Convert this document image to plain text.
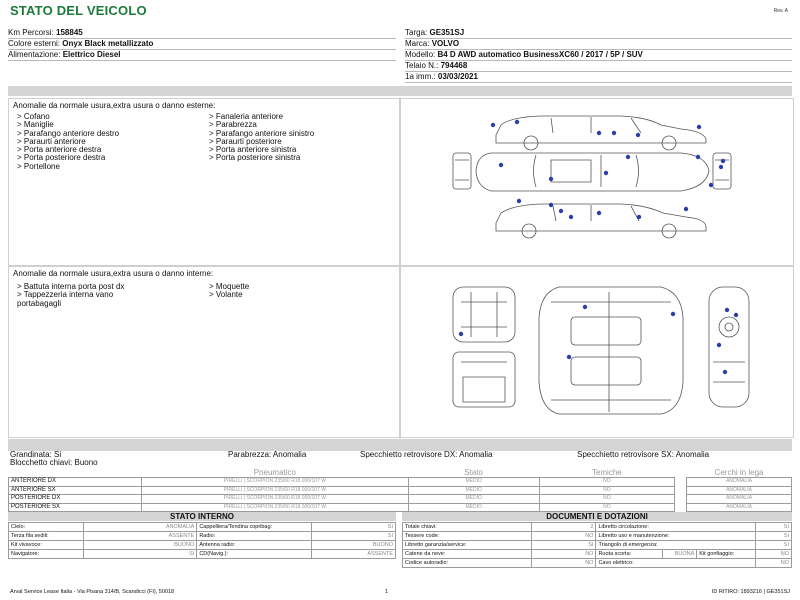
STATO DEL VEICOLO	Rev. A
Km Percorsi: 158845
Colore esterni: Onyx Black metallizzato
Alimentazione: Elettrico Diesel
Targa: GE351SJ
Marca: VOLVO
Modello: B4 D AWD automatico BusinessXC60 / 2017 / 5P / SUV
Telaio N.: 794468
1a imm.: 03/03/2021
Anomalie da normale usura,extra usura o danno esterne:
> Cofano
> Maniglie
> Parafango anteriore destro
> Paraurti anteriore
> Porta anteriore destra
> Porta posteriore destra
> Portellone
> Fanaleria anteriore
> Parabrezza
> Parafango anteriore sinistro
> Paraurti posteriore
> Porta anteriore sinistra
> Porta posteriore sinistra
Anomalie da normale usura,extra usura o danno interne:
> Battuta interna porta post dx
> Tappezzeria interna vano
portabagagli
> Moquette
> Volante
Grandinata: Si	Parabrezza: Anomalia	Specchietto retrovisore DX: Anomalia	Specchietto retrovisore SX: Anomalia
Blocchetto chiavi: Buono
	Pneumatico	Stato	Temiche		Cerchi in lega
ANTERIORE DX	PIRELLI | SCORPION 235/60 R18 000/107 W	MEDIO	NO		ANOMALIA
ANTERIORE SX	PIRELLI | SCORPION 235/60 R18 000/107 W	MEDIO	NO		ANOMALIA
POSTERIORE DX	PIRELLI | SCORPION 235/60 R18 000/107 W	MEDIO	NO		ANOMALIA
POSTERIORE SX	PIRELLI | SCORPION 235/60 R18 000/107 W	MEDIO	NO		ANOMALIA
STATO INTERNO
Cielo:	ANOMALIA	Cappelliera/Tendina copribag:	SI
Terza fila sedili:	ASSENTE	Radio:	SI
Kit vivavoce:	BUONO	Antenna radio:	BUONO
Navigatore:	SI	CD(Navig.):	ASSENTE
DOCUMENTI E DOTAZIONI
Totale chiavi:	2	Libretto circolazione:			SI
Tessere code:	NO	Libretto uso e manutenzione:			SI
Libretto garanzia/service:	SI	Triangolo di emergenza:			SI
Catene da neve:	NO	Ruota scorta:	BUONA	Kit gonfiaggio:	NO
Codice autoradio:	NO	Cavo elettrico:			NO
Arval Service Lease Italia - Via Pisana 314/B, Scandicci (FI), 50018	1	ID RITIRO: 1893216 | GE351SJ
